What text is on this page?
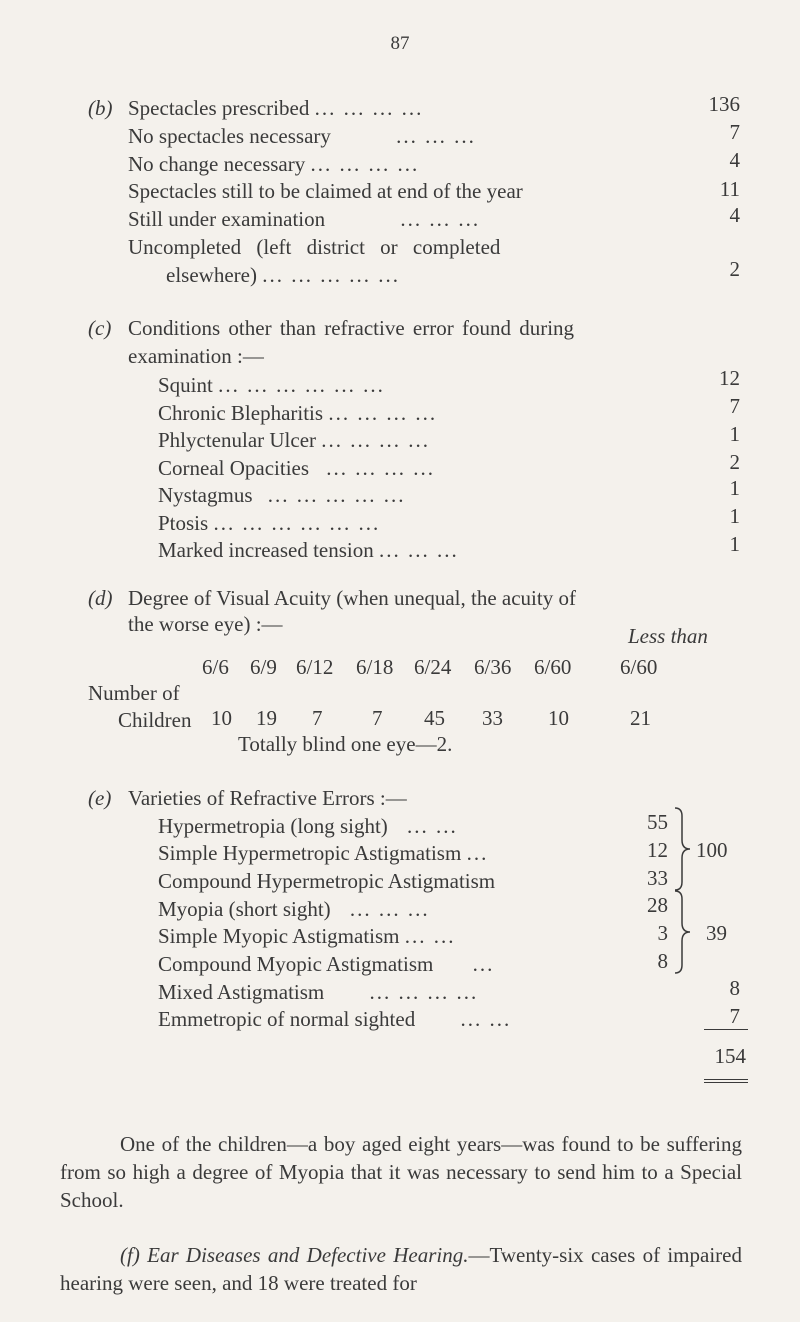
87
(b) Spectacles prescribed ... ... ... ...	136
No spectacles necessary	... ... ...	7
No change necessary ... ... ... ...	4
Spectacles still to be claimed at end of the year	11
Still under examination	... ... ...	4
Uncompleted (left district or completed
elsewhere) ... ... ... ... ...	2
(c) Conditions other than refractive error found during
examination :—
Squint ... ... ... ... ... ...	12
Chronic Blepharitis ... ... ... ...	7
Phlyctenular Ulcer ... ... ... ...	1
Corneal Opacities ... ... ... ...	2
Nystagmus ... ... ... ... ...	1
Ptosis ... ... ... ... ... ...	1
Marked increased tension ... ... ...	1
(d) Degree of Visual Acuity (when unequal, the acuity of
the worse eye) :—	Less than
6/6 6/9 6/12 6/18 6/24 6/36 6/60 6/60
Number of
Children 10 19 7 7 45 33 10	21
Totally blind one eye—2.
(e) Varieties of Refractive Errors :—
Hypermetropia (long sight) ... ...	55
Simple Hypermetropic Astigmatism ...	12
Compound Hypermetropic Astigmatism	33
100
Myopia (short sight) ... ... ...	28
Simple Myopic Astigmatism ... ...	3
Compound Myopic Astigmatism ...	8
39
Mixed Astigmatism ... ... ... ...	8
Emmetropic of normal sighted ... ...	7
154

One of the children—a boy aged eight years—was found to be suffering from so high a degree of Myopia that it was necessary to send him to a Special School.

(f) Ear Diseases and Defective Hearing.—Twenty-six cases of impaired hearing were seen, and 18 were treated for
